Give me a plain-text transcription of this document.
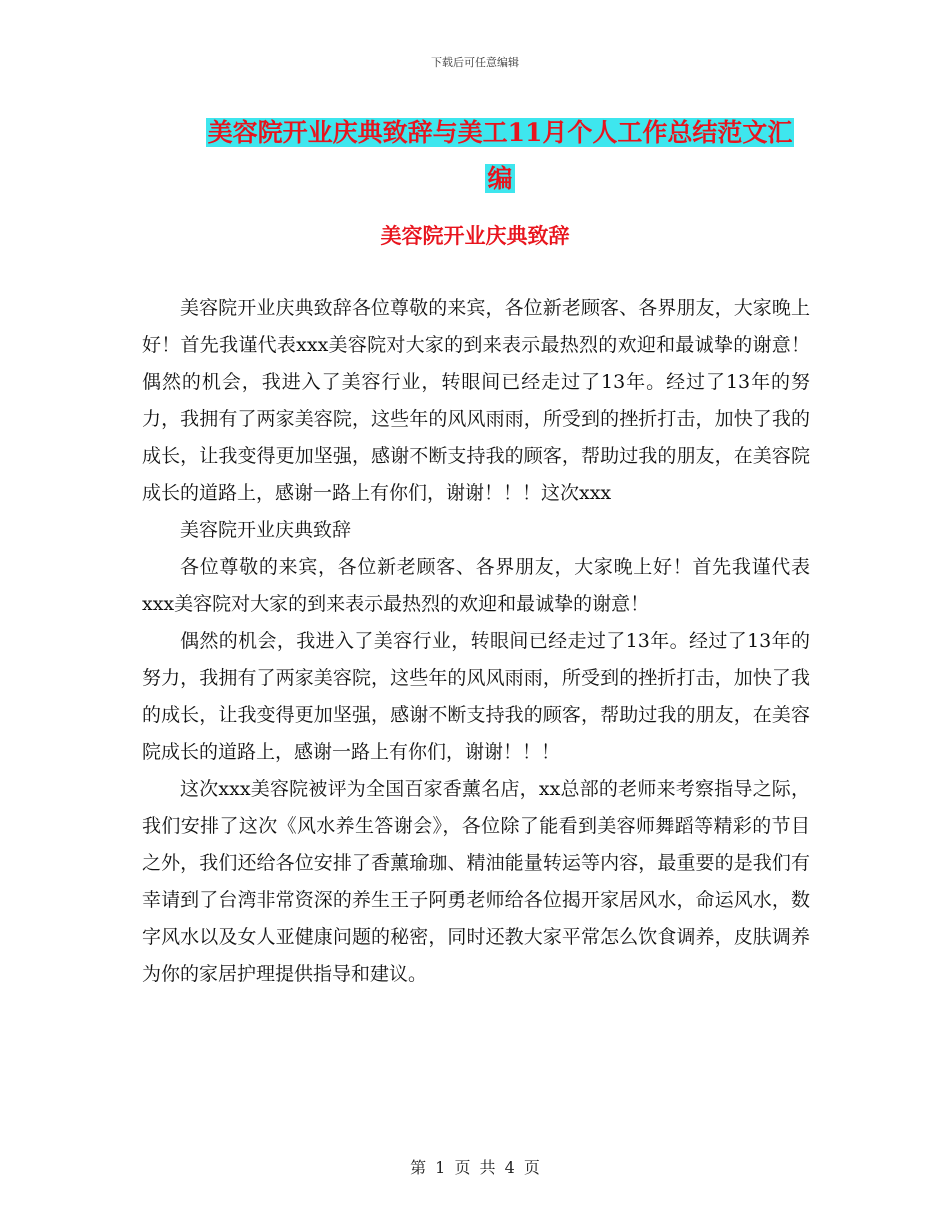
下载后可任意编辑
美容院开业庆典致辞与美工11月个人工作总结范文汇
编
美容院开业庆典致辞

美容院开业庆典致辞各位尊敬的来宾，各位新老顾客、各界朋友，大家晚上好！首先我谨代表xxx美容院对大家的到来表示最热烈的欢迎和最诚挚的谢意！偶然的机会，我进入了美容行业，转眼间已经走过了13年。经过了13年的努力，我拥有了两家美容院，这些年的风风雨雨，所受到的挫折打击，加快了我的成长，让我变得更加坚强，感谢不断支持我的顾客，帮助过我的朋友，在美容院成长的道路上，感谢一路上有你们，谢谢！！！这次xxx

美容院开业庆典致辞

各位尊敬的来宾，各位新老顾客、各界朋友，大家晚上好！首先我谨代表xxx美容院对大家的到来表示最热烈的欢迎和最诚挚的谢意！

偶然的机会，我进入了美容行业，转眼间已经走过了13年。经过了13年的努力，我拥有了两家美容院，这些年的风风雨雨，所受到的挫折打击，加快了我的成长，让我变得更加坚强，感谢不断支持我的顾客，帮助过我的朋友，在美容院成长的道路上，感谢一路上有你们，谢谢！！！

这次xxx美容院被评为全国百家香薰名店，xx总部的老师来考察指导之际，我们安排了这次《风水养生答谢会》，各位除了能看到美容师舞蹈等精彩的节目之外，我们还给各位安排了香薰瑜珈、精油能量转运等内容，最重要的是我们有幸请到了台湾非常资深的养生王子阿勇老师给各位揭开家居风水，命运风水，数字风水以及女人亚健康问题的秘密，同时还教大家平常怎么饮食调养，皮肤调养为你的家居护理提供指导和建议。

第 1 页 共 4 页
